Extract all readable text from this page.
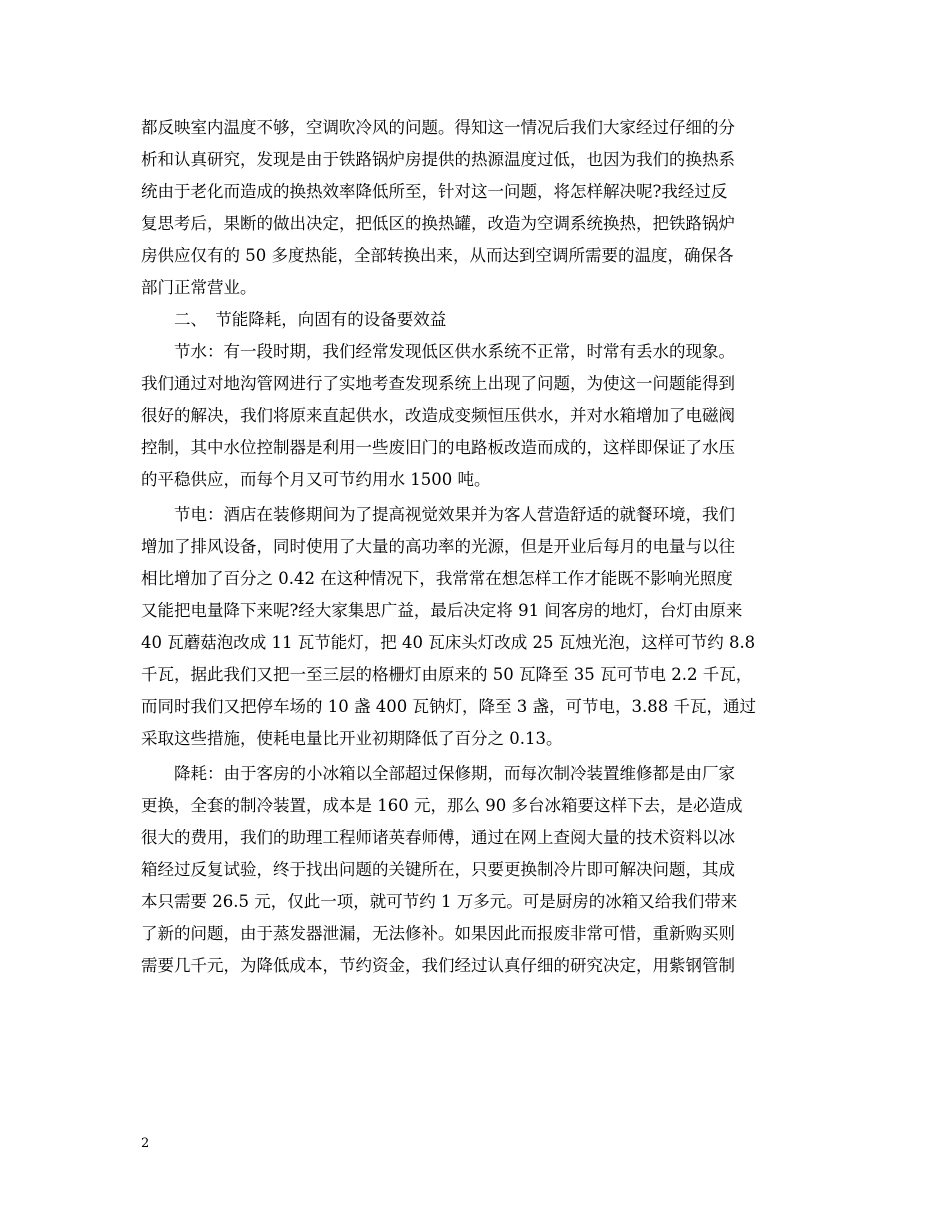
都反映室内温度不够，空调吹冷风的问题。得知这一情况后我们大家经过仔细的分
析和认真研究，发现是由于铁路锅炉房提供的热源温度过低，也因为我们的换热系
统由于老化而造成的换热效率降低所至，针对这一问题，将怎样解决呢?我经过反
复思考后，果断的做出决定，把低区的换热罐，改造为空调系统换热，把铁路锅炉
房供应仅有的 50 多度热能，全部转换出来，从而达到空调所需要的温度，确保各
部门正常营业。
　　二、　节能降耗，向固有的设备要效益
　　节水：有一段时期，我们经常发现低区供水系统不正常，时常有丢水的现象。
我们通过对地沟管网进行了实地考查发现系统上出现了问题，为使这一问题能得到
很好的解决，我们将原来直起供水，改造成变频恒压供水，并对水箱增加了电磁阀
控制，其中水位控制器是利用一些废旧门的电路板改造而成的，这样即保证了水压
的平稳供应，而每个月又可节约用水 1500 吨。
　　节电：酒店在装修期间为了提高视觉效果并为客人营造舒适的就餐环境，我们
增加了排风设备，同时使用了大量的高功率的光源，但是开业后每月的电量与以往
相比增加了百分之 0.42 在这种情况下，我常常在想怎样工作才能既不影响光照度
又能把电量降下来呢?经大家集思广益，最后决定将 91 间客房的地灯，台灯由原来
40 瓦蘑菇泡改成 11 瓦节能灯，把 40 瓦床头灯改成 25 瓦烛光泡，这样可节约 8.8
千瓦，据此我们又把一至三层的格栅灯由原来的 50 瓦降至 35 瓦可节电 2.2 千瓦，
而同时我们又把停车场的 10 盏 400 瓦钠灯，降至 3 盏，可节电，3.88 千瓦，通过
采取这些措施，使耗电量比开业初期降低了百分之 0.13。
　　降耗：由于客房的小冰箱以全部超过保修期，而每次制冷装置维修都是由厂家
更换，全套的制冷装置，成本是 160 元，那么 90 多台冰箱要这样下去，是必造成
很大的费用，我们的助理工程师诸英春师傅，通过在网上查阅大量的技术资料以冰
箱经过反复试验，终于找出问题的关键所在，只要更换制冷片即可解决问题，其成
本只需要 26.5 元，仅此一项，就可节约 1 万多元。可是厨房的冰箱又给我们带来
了新的问题，由于蒸发器泄漏，无法修补。如果因此而报废非常可惜，重新购买则
需要几千元，为降低成本，节约资金，我们经过认真仔细的研究决定，用紫钢管制
2
